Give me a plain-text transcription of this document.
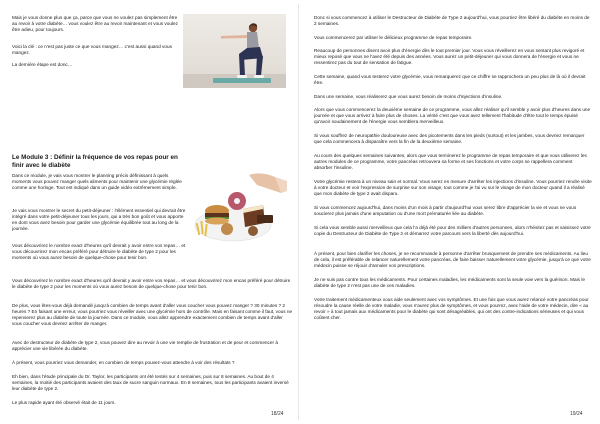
Mais je vous donne plus que ça, parce que vous ne voulez pas simplement être au revoir à votre diabète… vous voulez être au revoir maintenant et vous voulez être adieu, pour toujours.

Voici la clé : ce n'est pas juste ce que vous mangez… c'est aussi quand vous mangez.

La dernière étape est donc…

Le Module 3 : Définir la fréquence de vos repas pour en finir avec le diabète

Dans ce module, je vais vous montrer le planning précis définissant à quels moments vous pouvez manger quels aliments pour maintenir une glycémie réglée comme une horloge. Tout est indiqué dans un guide vidéo extrêmement simple.

Je vais vous montrer le secret du petit-déjeuner : l'élément essentiel qui devrait être intégré dans votre petit-déjeuner tous les jours, qui a très bon goût et vous apporte en dont vous avez besoin pour garder une glycémie équilibrée tout au long de la journée.

Vous découvrirez le nombre exact d'heures qu'il devrait y avoir entre vos repas… et vous découvrirez mon encas préféré pour détruire le diabète de type 2 pour les moments où vous aurez besoin de quelque-chose pour tenir bon.

Vous découvrirez le nombre exact d'heures qu'il devrait y avoir entre vos repas… et vous découvrirez mon encas préféré pour détruire le diabète de type 2 pour les moments où vous aurez besoin de quelque-chose pour tenir bon.

De plus, vous êtes-vous déjà demandé jusqu'à combien de temps avant d'aller vous coucher vous pouvez manger ? 30 minutes ? 2 heures ? En faisant une erreur, vous pourriez vous réveiller avec une glycémie hors de contrôle. Mais en faisant comme il faut, vous ne repenserez plus au diabète de toute la journée. Dans ce module, vous allez apprendre exactement combien de temps avant d'aller vous coucher vous devriez arrêter de manger.

Avec de destructeur de diabète de type 2, vous pouvez dire au revoir à une vie remplie de frustration et de peur et commencer à apprécier une vie libérée du diabète.

À présent, vous pourriez vous demander, en combien de temps pouvez-vous attendre à voir des résultats ?

Eh bien, dans l'étude principale du Dr. Taylor, les participants ont été testés sur 4 semaines, puis sur 8 semaines. Au bout de 4 semaines, la moitié des participants avaient des taux de sucre sanguin normaux. En 8 semaines, tous les participants avaient inversé leur diabète de type 2.

Le plus rapide ayant été observé était de 11 jours.

18/24

Donc si vous commencez à utiliser le Destructeur de Diabète de Type 2 aujourd'hui, vous pourriez être libéré du diabète en moins de 2 semaines.

Vous commencerez par utiliser le délicieux programme de repas temporaire.

Reaucoup de personnes disent avoir plus d'énergie dès le tout premier jour. Vous vous réveillerez en vous sentant plus revigoré et mieux reposé que vous ne l'avez été depuis des années. Vous aurez un petit-déjeuner qui vous donnera de l'énergie et vous ne ressentirez pas du tout de sensation de fatigue.

Cette semaine, quand vous testerez votre glycémie, vous remarquerez que ce chiffre se rapprochera un peu plus de là où il devrait être.

Dans une semaine, vous réaliserez que vous aurez besoin de moins d'injections d'insuline.

Alors que vous commencerez la deuxième semaine de ce programme, vous allez réaliser qu'il semble y avoir plus d'heures dans une journée et que vous arrivez à faire plus de choses. La vérité c'est que vous avez tellement l'habitude d'être tout le temps épuisé qu'avoir soudainement de l'énergie vous semblera merveilleux.

Si vous souffrez de neuropathie douloureuse avec des picotements dans les pieds (surtout) et les jambes, vous devriez remarquer que cela commencera à disparaître vers la fin de la deuxième semaine.

Au cours des quelques semaines suivantes, alors que vous terminerez le programme de repas temporaire et que vous utiliserez les autres modules de ce programme, votre pancréas retrouvera sa forme et ses fonctions et votre corps se rappellera comment absorber l'insuline.

Votre glycémie restera à un niveau sain et normal. Vous serez en mesure d'arrêter les injections d'insuline. Vous pourriez rendre visite à votre docteur et voir l'expression de surprise sur son visage, tout comme je l'ai vu sur le visage de mon docteur quand il a réalisé que mon diabète de type 2 avait disparu.

Si vous commencez aujourd'hui, dans moins d'un mois à partir d'aujourd'hui vous serez libre d'apprécier la vie et vous ne vous soucierez plus jamais d'une amputation ou d'une mort prématurée liée au diabète.

Si cela vous semble aussi merveilleux que cela l'a déjà été pour des milliers d'autres personnes, alors n'hésitez pas et saisissez votre copie du Destructeur de Diabète de Type 2 et démarrez votre parcours vers la liberté dès aujourd'hui.

À présent, pour bien clarifier les choses, je ne recommande à personne d'arrêter brusquement de prendre ses médicaments. Au lieu de cela, il est préférable de relancer naturellement votre pancréas, de faire baisser naturellement votre glycémie, jusqu'à ce que votre médecin puisse se réjouir d'annuler vos prescriptions.

Je ne suis pas contre tous les médicaments. Pour certaines maladies, les médicaments sont la seule voie vers la guérison. Mais le diabète de type 2 n'est pas une de ces maladies.

Votre traitement médicamenteux vous aide seulement avec vos symptômes. Et une fois que vous aurez relancé votre pancréas pour résoudre la cause réelle de votre maladie, vous n'aurez plus de symptômes, et vous pourrez, avec l'aide de votre médecin, dire « au revoir » à tout jamais aux médicaments pour le diabète qui sont désagréables, qui ont des contre-indications sérieuses et qui vous coûtent cher.

19/24
